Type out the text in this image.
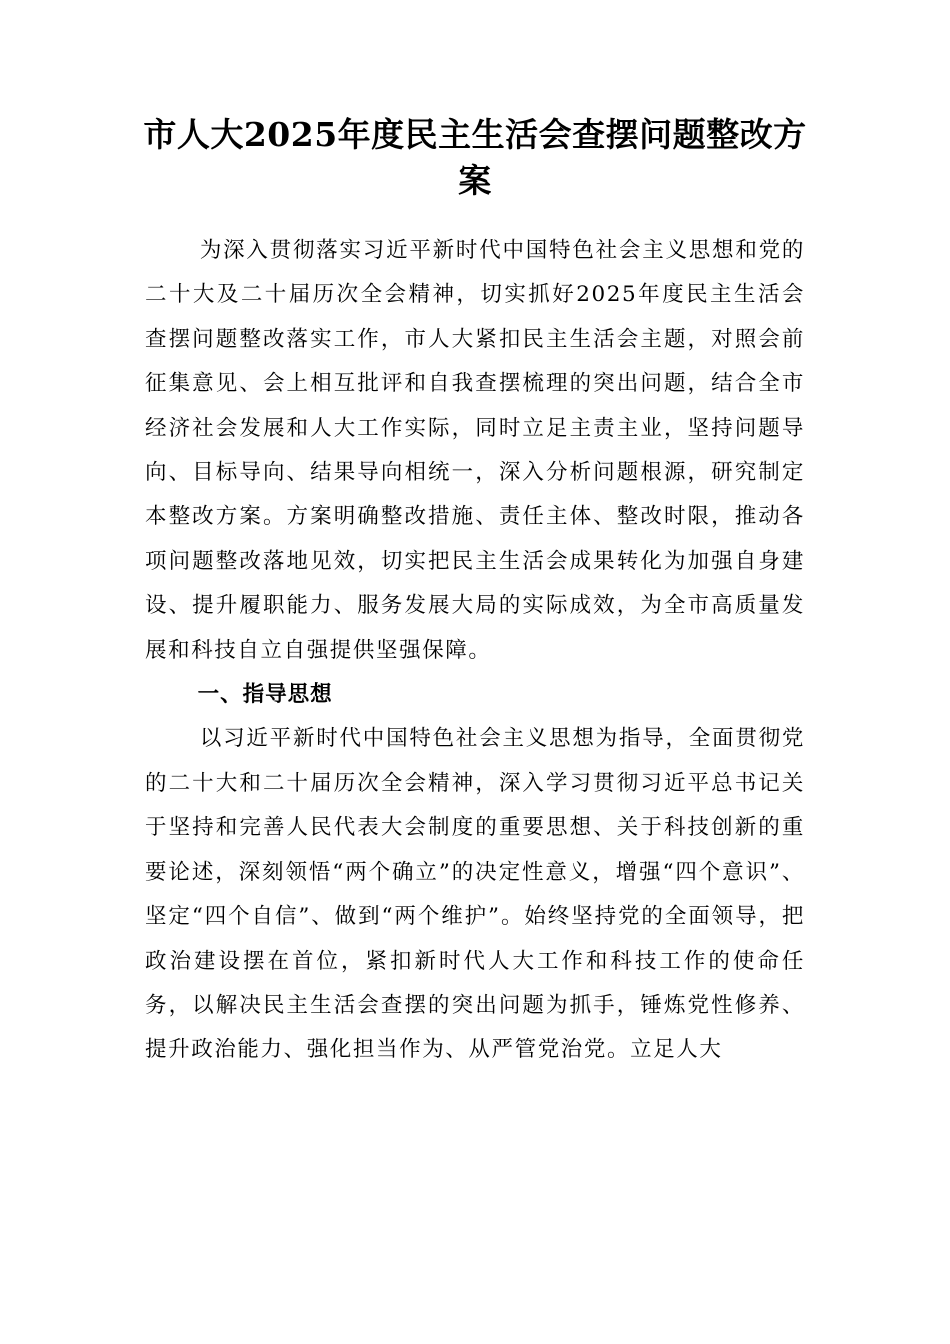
市人大2025年度民主生活会查摆问题整改方案

为深入贯彻落实习近平新时代中国特色社会主义思想和党的二十大及二十届历次全会精神，切实抓好2025年度民主生活会查摆问题整改落实工作，市人大紧扣民主生活会主题，对照会前征集意见、会上相互批评和自我查摆梳理的突出问题，结合全市经济社会发展和人大工作实际，同时立足主责主业，坚持问题导向、目标导向、结果导向相统一，深入分析问题根源，研究制定本整改方案。方案明确整改措施、责任主体、整改时限，推动各项问题整改落地见效，切实把民主生活会成果转化为加强自身建设、提升履职能力、服务发展大局的实际成效，为全市高质量发展和科技自立自强提供坚强保障。

一、指导思想

以习近平新时代中国特色社会主义思想为指导，全面贯彻党的二十大和二十届历次全会精神，深入学习贯彻习近平总书记关于坚持和完善人民代表大会制度的重要思想、关于科技创新的重要论述，深刻领悟“两个确立”的决定性意义，增强“四个意识”、坚定“四个自信”、做到“两个维护”。始终坚持党的全面领导，把政治建设摆在首位，紧扣新时代人大工作和科技工作的使命任务，以解决民主生活会查摆的突出问题为抓手，锤炼党性修养、提升政治能力、强化担当作为、从严管党治党。立足人大
